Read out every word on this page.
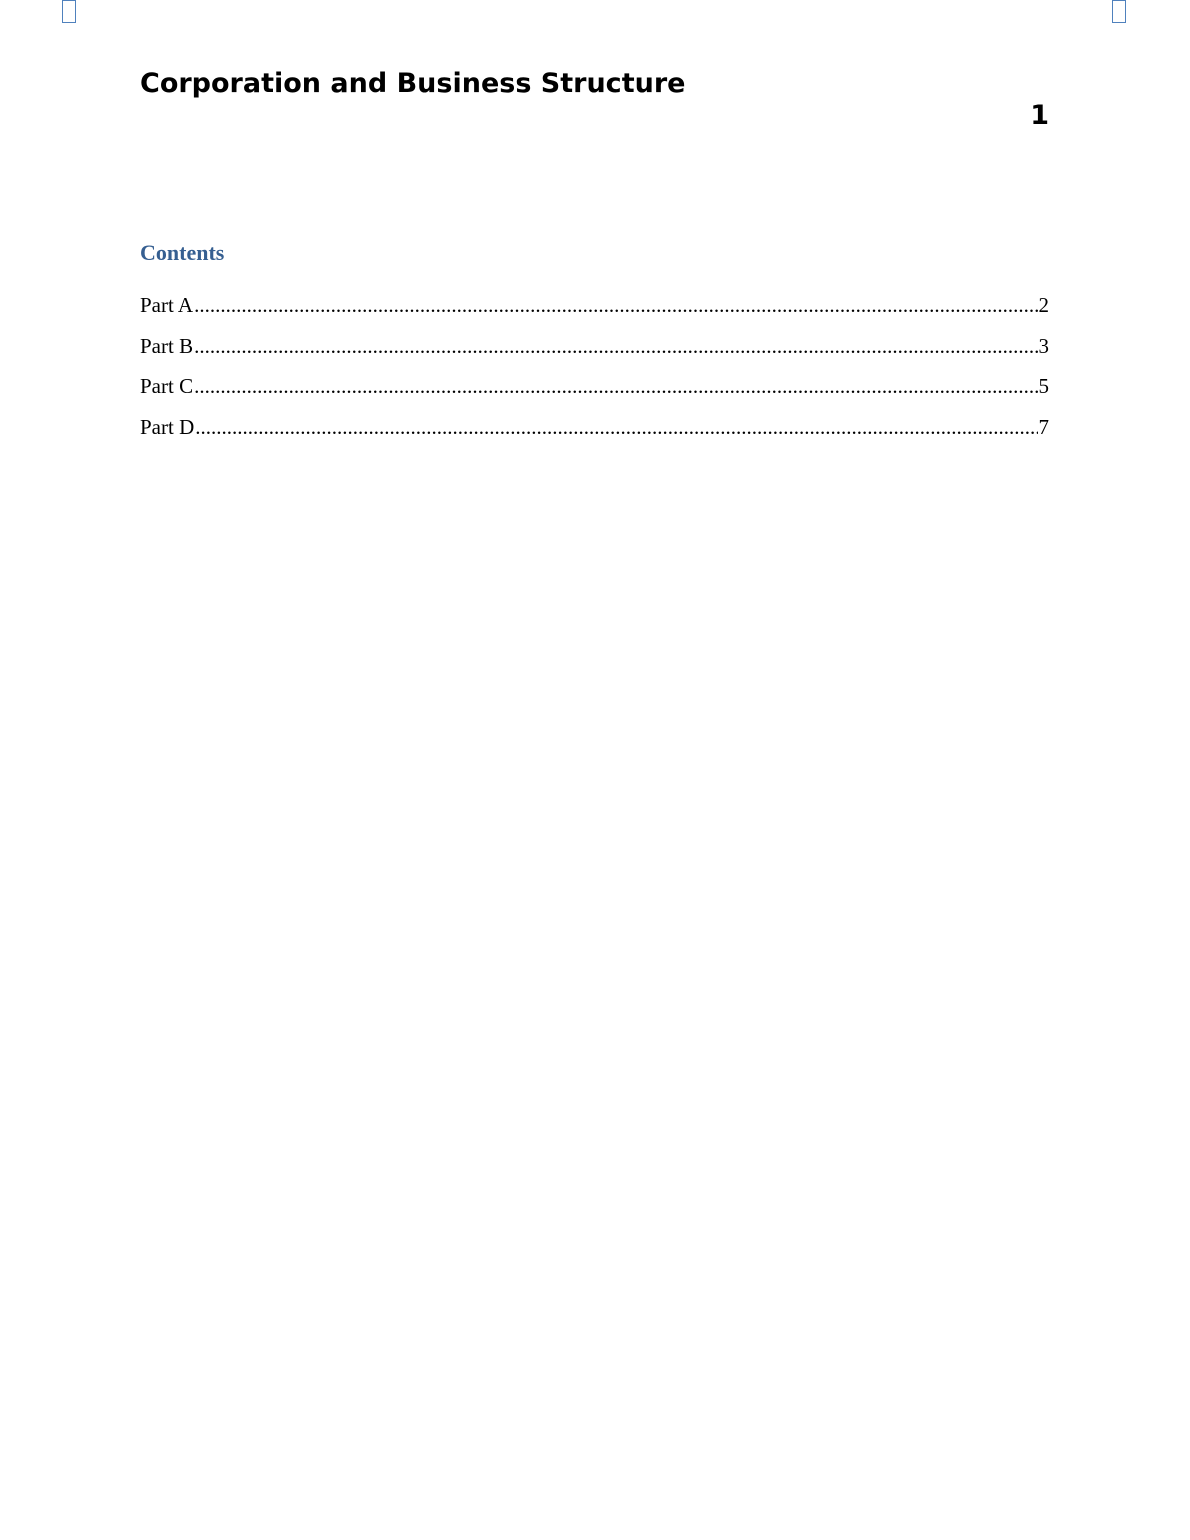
Corporation and Business Structure
1
Contents
Part A .....	2
Part B .....	3
Part C .....	5
Part D .....	7
